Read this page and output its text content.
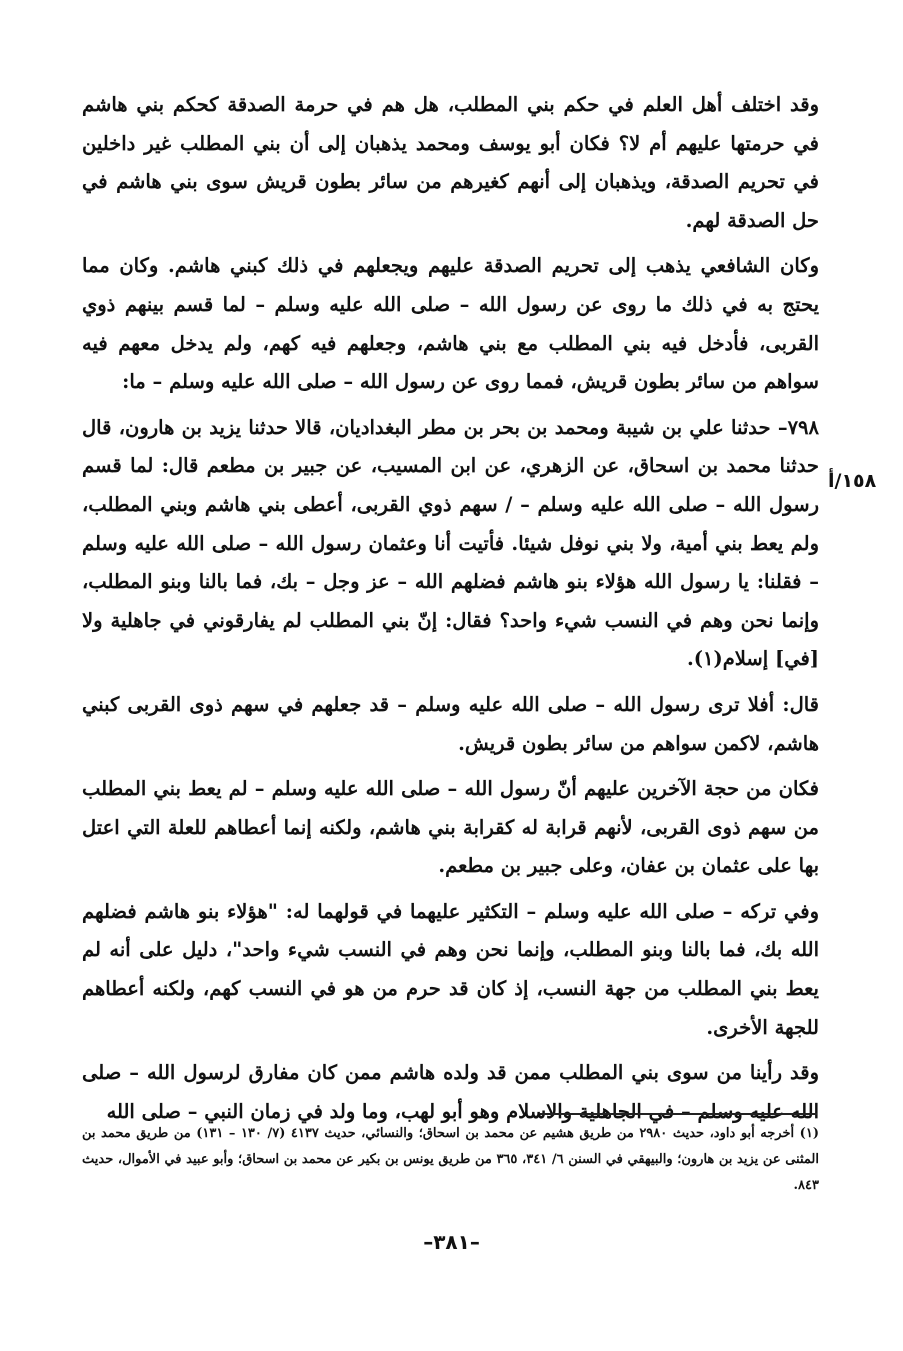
وقد اختلف أهل العلم في حكم بني المطلب، هل هم في حرمة الصدقة كحكم بني هاشم في حرمتها عليهم أم لا؟ فكان أبو يوسف ومحمد يذهبان إلى أن بني المطلب غير داخلين في تحريم الصدقة، ويذهبان إلى أنهم كغيرهم من سائر بطون قريش سوى بني هاشم في حل الصدقة لهم.

وكان الشافعي يذهب إلى تحريم الصدقة عليهم ويجعلهم في ذلك كبني هاشم. وكان مما يحتج به في ذلك ما روى عن رسول الله – صلى الله عليه وسلم – لما قسم بينهم ذوي القربى، فأدخل فيه بني المطلب مع بني هاشم، وجعلهم فيه كهم، ولم يدخل معهم فيه سواهم من سائر بطون قريش، فمما روى عن رسول الله – صلى الله عليه وسلم – ما:

٧٩٨– حدثنا علي بن شيبة ومحمد بن بحر بن مطر البغداديان، قالا حدثنا يزيد بن هارون، قال حدثنا محمد بن اسحاق، عن الزهري، عن ابن المسيب، عن جبير بن مطعم قال: لما قسم رسول الله – صلى الله عليه وسلم – / سهم ذوي القربى، أعطى بني هاشم وبني المطلب، ولم يعط بني أمية، ولا بني نوفل شيئا. فأتيت أنا وعثمان رسول الله – صلى الله عليه وسلم – فقلنا: يا رسول الله هؤلاء بنو هاشم فضلهم الله – عز وجل – بك، فما بالنا وبنو المطلب، وإنما نحن وهم في النسب شيء واحد؟ فقال: إنّ بني المطلب لم يفارقوني في جاهلية ولا [في] إسلام(١).

قال: أفلا ترى رسول الله – صلى الله عليه وسلم – قد جعلهم في سهم ذوى القربى كبني هاشم، لاكمن سواهم من سائر بطون قريش.

فكان من حجة الآخرين عليهم أنّ رسول الله – صلى الله عليه وسلم – لم يعط بني المطلب من سهم ذوى القربى، لأنهم قرابة له كقرابة بني هاشم، ولكنه إنما أعطاهم للعلة التي اعتل بها على عثمان بن عفان، وعلى جبير بن مطعم.

وفي تركه – صلى الله عليه وسلم – التكثير عليهما في قولهما له: "هؤلاء بنو هاشم فضلهم الله بك، فما بالنا وبنو المطلب، وإنما نحن وهم في النسب شيء واحد"، دليل على أنه لم يعط بني المطلب من جهة النسب، إذ كان قد حرم من هو في النسب كهم، ولكنه أعطاهم للجهة الأخرى.

وقد رأينا من سوى بني المطلب ممن قد ولده هاشم ممن كان مفارق لرسول الله – صلى الله عليه وسلم – في الجاهلية والاسلام وهو أبو لهب، وما ولد في زمان النبي – صلى الله

١٥٨/أ
(١) أخرجه أبو داود، حديث ٢٩٨٠ من طريق هشيم عن محمد بن اسحاق؛ والنسائي، حديث ٤١٣٧ (٧/ ١٣٠ – ١٣١) من طريق محمد بن المثنى عن يزيد بن هارون؛ والبيهقي في السنن ٦/ ٣٤١، ٣٦٥ من طريق يونس بن بكير عن محمد بن اسحاق؛ وأبو عبيد في الأموال، حديث ٨٤٣.
–٣٨١–
